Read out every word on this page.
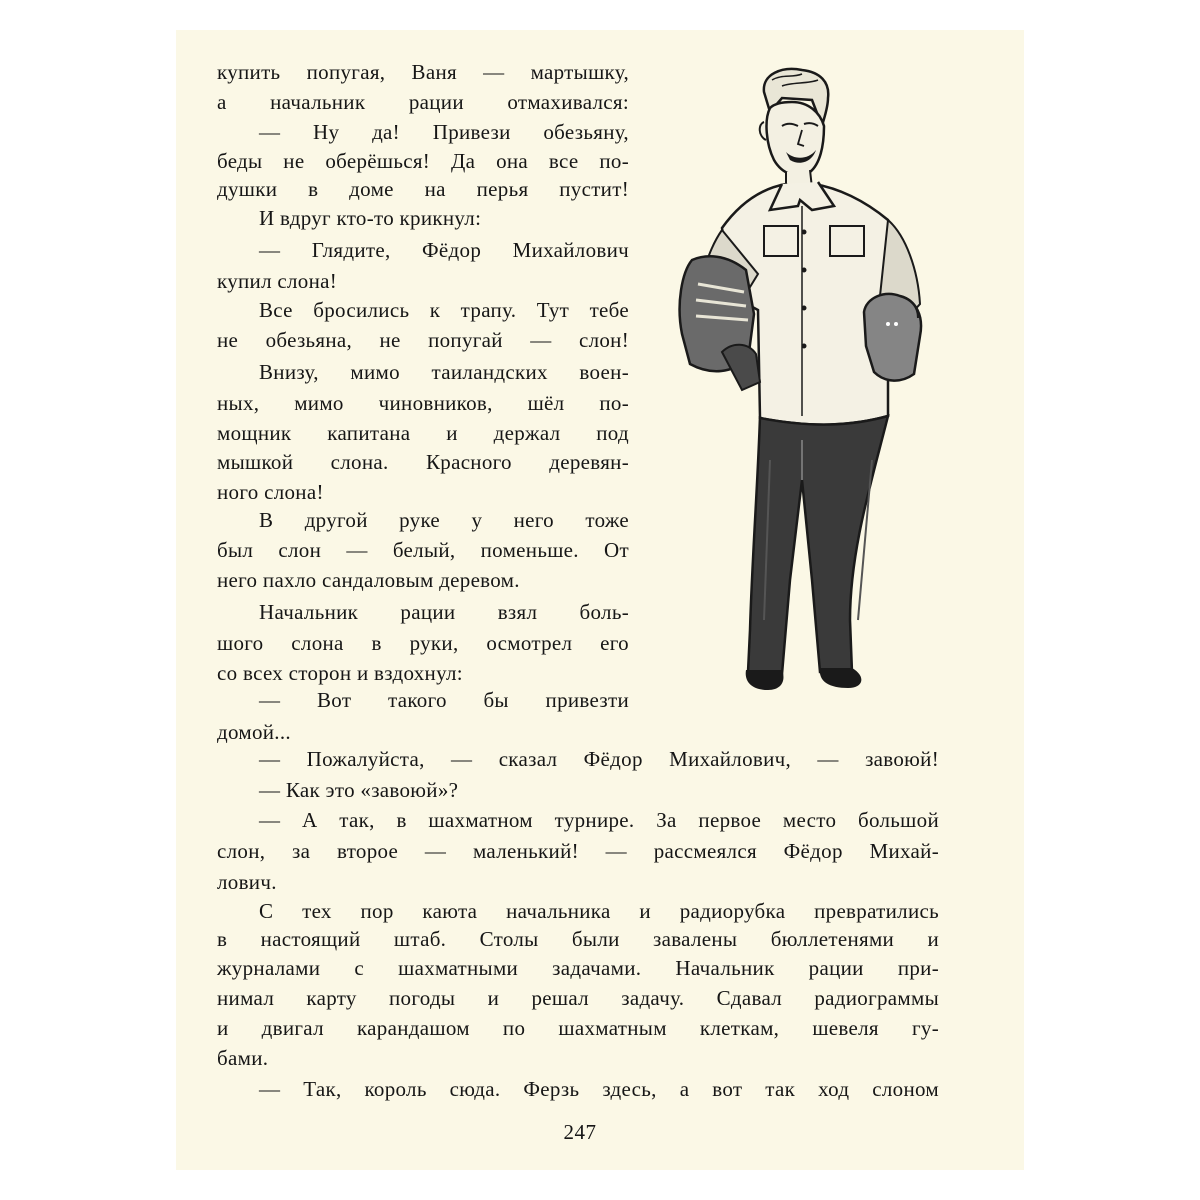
купить попугая, Ваня — мартышку,
а начальник рации отмахивался:
— Ну да! Привези обезьяну,
беды не оберёшься! Да она все по-
душки в доме на перья пустит!
И вдруг кто-то крикнул:
— Глядите, Фёдор Михайлович
купил слона!
Все бросились к трапу. Тут тебе
не обезьяна, не попугай — слон!
Внизу, мимо таиландских воен-
ных, мимо чиновников, шёл по-
мощник капитана и держал под
мышкой слона. Красного деревян-
ного слона!
В другой руке у него тоже
был слон — белый, поменьше. От
него пахло сандаловым деревом.
Начальник рации взял боль-
шого слона в руки, осмотрел его
со всех сторон и вздохнул:
— Вот такого бы привезти
домой...
— Пожалуйста, — сказал Фёдор Михайлович, — завоюй!
— Как это «завоюй»?
— А так, в шахматном турнире. За первое место большой
слон, за второе — маленький! — рассмеялся Фёдор Михай-
лович.
С тех пор каюта начальника и радиорубка превратились
в настоящий штаб. Столы были завалены бюллетенями и
журналами с шахматными задачами. Начальник рации при-
нимал карту погоды и решал задачу. Сдавал радиограммы
и двигал карандашом по шахматным клеткам, шевеля гу-
бами.
— Так, король сюда. Ферзь здесь, а вот так ход слоном
247
